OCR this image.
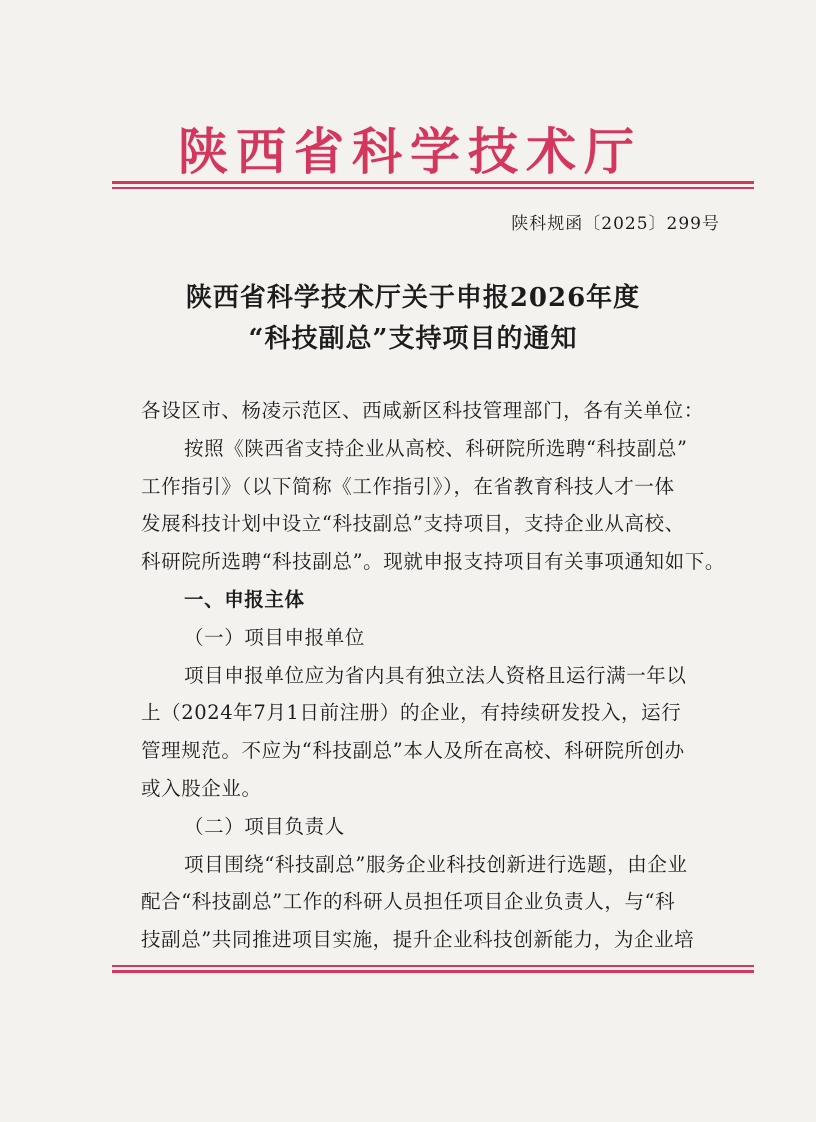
陕西省科学技术厅
陕科规函〔2025〕299号
陕西省科学技术厅关于申报2026年度
“科技副总”支持项目的通知
各设区市、杨凌示范区、西咸新区科技管理部门，各有关单位：
按照《陕西省支持企业从高校、科研院所选聘“科技副总”
工作指引》（以下简称《工作指引》），在省教育科技人才一体
发展科技计划中设立“科技副总”支持项目，支持企业从高校、
科研院所选聘“科技副总”。现就申报支持项目有关事项通知如下。
一、申报主体
（一）项目申报单位
项目申报单位应为省内具有独立法人资格且运行满一年以
上（2024年7月1日前注册）的企业，有持续研发投入，运行
管理规范。不应为“科技副总”本人及所在高校、科研院所创办
或入股企业。
（二）项目负责人
项目围绕“科技副总”服务企业科技创新进行选题，由企业
配合“科技副总”工作的科研人员担任项目企业负责人，与“科
技副总”共同推进项目实施，提升企业科技创新能力，为企业培
